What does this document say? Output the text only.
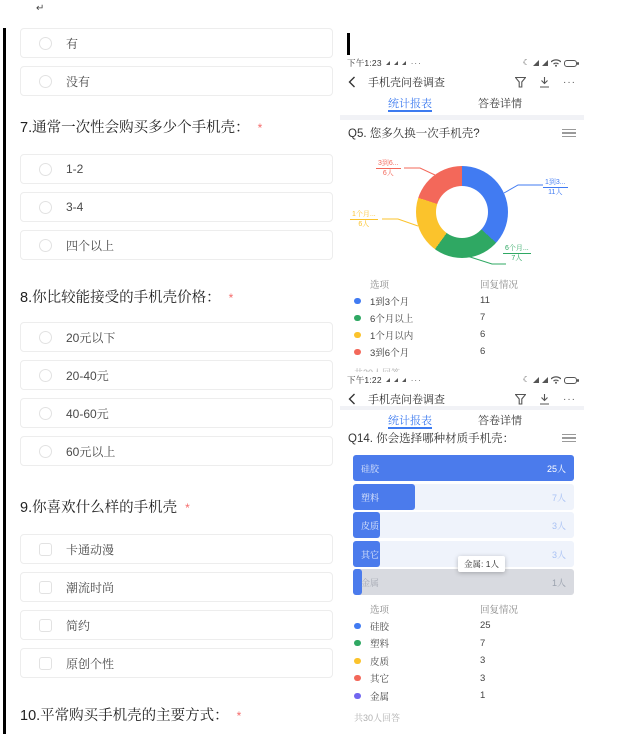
↵
有
没有
7.通常一次性会购买多少个手机壳： *
1-2
3-4
四个以上
8.你比较能接受的手机壳价格： *
20元以下
20-40元
40-60元
60元以上
9.你喜欢什么样的手机壳 *
卡通动漫
潮流时尚
简约
原创个性
10.平常购买手机壳的主要方式： *
下午1:23	···	☾
手机壳问卷调查	···
统计报表	答卷详情
Q5. 您多久换一次手机壳?
1到3...
11人
6个月...
7人
1个月...
6人
3到6...
6人
选项	回复情况
1到3个月	11
6个月以上	7
1个月以内	6
3到6个月	6
下午1:22	···	☾
手机壳问卷调查	···
统计报表	答卷详情
Q14. 你会选择哪种材质手机壳：
硅胶	25人
塑料	7人
皮质	3人
其它	3人
金属: 1人
金属	1人
选项	回复情况
硅胶	25
塑料	7
皮质	3
其它	3
金属	1
共30人回答
